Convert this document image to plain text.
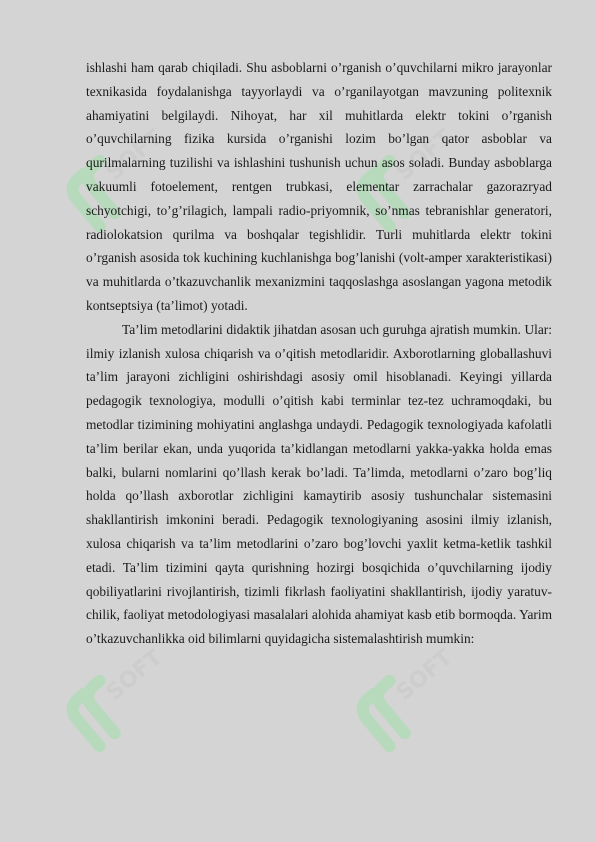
SOFT	SOFT
SOFT	SOFT

ishlashi ham qarab chiqiladi. Shu asboblarni o’rganish o’quvchilarni mikro jarayonlar texnikasida foydalanishga tayyorlaydi va o’rganilayotgan mavzuning politexnik ahamiyatini belgilaydi. Nihoyat, har xil muhitlarda elektr tokini o’rganish o’quvchilarning fizika kursida o’rganishi lozim bo’lgan qator asboblar va qurilmalarning tuzilishi va ishlashini tushunish uchun asos soladi. Bunday asboblarga vakuumli fotoelement, rentgen trubkasi, elementar zarrachalar gazorazryad schyotchigi, to’g’rilagich, lampali radio-priyomnik, so’nmas tebranishlar generatori, radiolokatsion qurilma va boshqalar tegishlidir. Turli muhitlarda elektr tokini o’rganish asosida tok kuchining kuchlanishga bog’lanishi (volt-amper xarakteristikasi) va muhitlarda o’tkazuvchanlik mexanizmini taqqoslashga asoslangan yagona metodik kontseptsiya (ta’limot) yotadi.

Ta’lim metodlarini didaktik jihatdan asosan uch guruhga ajratish mumkin. Ular: ilmiy izlanish xulosa chiqarish va o’qitish metodlaridir. Axborotlarning globallashuvi ta’lim jarayoni zichligini oshirishdagi asosiy omil hisoblanadi. Keyingi yillarda pedagogik texnologiya, modulli o’qitish kabi terminlar tez-tez uchramoqdaki, bu metodlar tizimining mohiyatini anglashga undaydi. Pedagogik texnologiyada kafolatli ta’lim berilar ekan, unda yuqorida ta’kidlangan metodlarni yakka-yakka holda emas balki, bularni nomlarini qo’llash kerak bo’ladi. Ta’limda, metodlarni o’zaro bog’liq holda qo’llash axborotlar zichligini kamaytirib asosiy tushunchalar sistemasini shakllantirish imkonini beradi. Pedagogik texnologiyaning asosini ilmiy izlanish, xulosa chiqarish va ta’lim metodlarini o’zaro bog’lovchi yaxlit ketma-ketlik tashkil etadi. Ta’lim tizimini qayta qurishning hozirgi bosqichida o’quvchilarning ijodiy qobiliyatlarini rivojlantirish, tizimli fikrlash faoliyatini shakllantirish, ijodiy yaratuv-chilik, faoliyat metodologiyasi masalalari alohida ahamiyat kasb etib bormoqda. Yarim o’tkazuvchanlikka oid bilimlarni quyidagicha sistemalashtirish mumkin:
